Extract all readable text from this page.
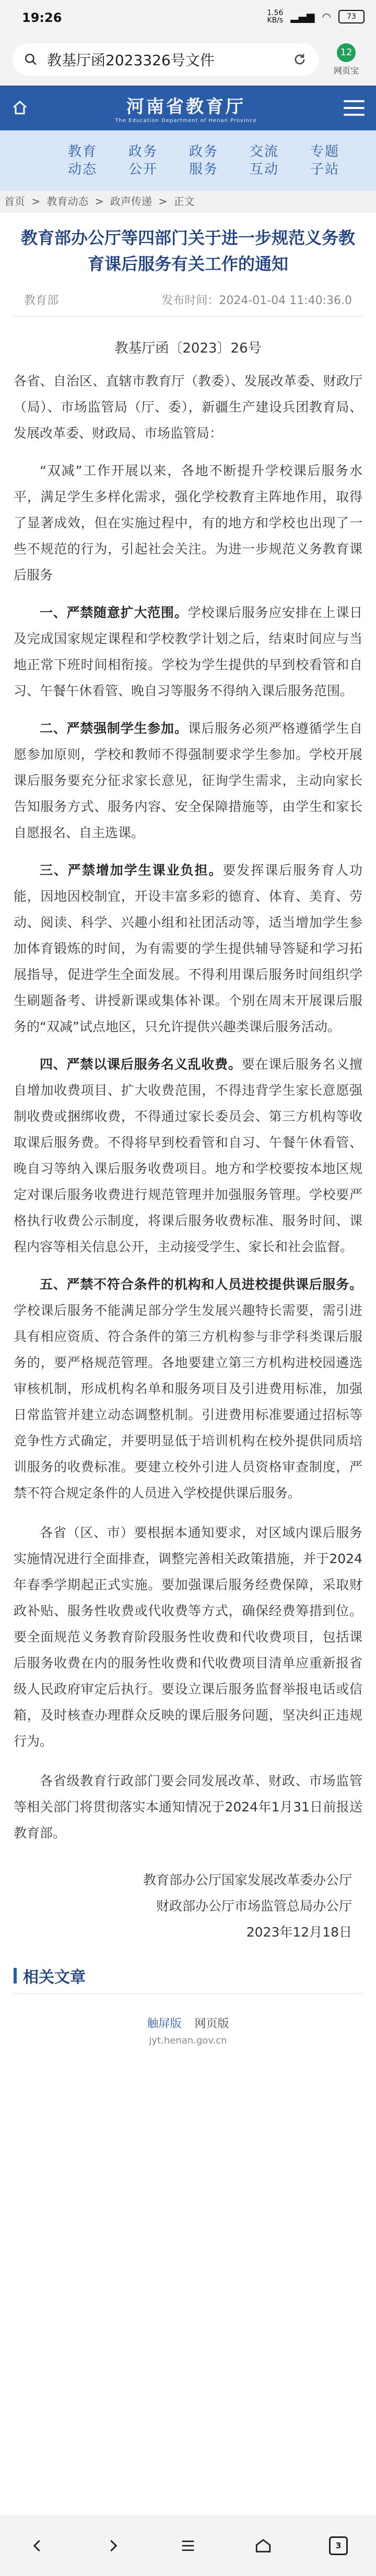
19:26	1.56
KB/s ▂▄▆ ◠	73
教基厅函2023326号文件	12
网页宝
河南省教育厅
The Education Department of Henan Province
教育动态
政务公开
政务服务
交流互动
专题子站
首页 > 教育动态 > 政声传递 > 正文
教育部办公厅等四部门关于进一步规范义务教育课后服务有关工作的通知
教育部	发布时间：2024-01-04 11:40:36.0
教基厅函〔2023〕26号

各省、自治区、直辖市教育厅（教委）、发展改革委、财政厅（局）、市场监管局（厅、委），新疆生产建设兵团教育局、发展改革委、财政局、市场监管局：

“双减”工作开展以来，各地不断提升学校课后服务水平，满足学生多样化需求，强化学校教育主阵地作用，取得了显著成效，但在实施过程中，有的地方和学校也出现了一些不规范的行为，引起社会关注。为进一步规范义务教育课后服务

一、严禁随意扩大范围。学校课后服务应安排在上课日及完成国家规定课程和学校教学计划之后，结束时间应与当地正常下班时间相衔接。学校为学生提供的早到校看管和自习、午餐午休看管、晚自习等服务不得纳入课后服务范围。

二、严禁强制学生参加。课后服务必须严格遵循学生自愿参加原则，学校和教师不得强制要求学生参加。学校开展课后服务要充分征求家长意见，征询学生需求，主动向家长告知服务方式、服务内容、安全保障措施等，由学生和家长自愿报名、自主选课。

三、严禁增加学生课业负担。要发挥课后服务育人功能，因地因校制宜，开设丰富多彩的德育、体育、美育、劳动、阅读、科学、兴趣小组和社团活动等，适当增加学生参加体育锻炼的时间，为有需要的学生提供辅导答疑和学习拓展指导，促进学生全面发展。不得利用课后服务时间组织学生刷题备考、讲授新课或集体补课。个别在周末开展课后服务的“双减”试点地区，只允许提供兴趣类课后服务活动。

四、严禁以课后服务名义乱收费。要在课后服务名义擅自增加收费项目、扩大收费范围，不得违背学生家长意愿强制收费或捆绑收费，不得通过家长委员会、第三方机构等收取课后服务费。不得将早到校看管和自习、午餐午休看管、晚自习等纳入课后服务收费项目。地方和学校要按本地区规定对课后服务收费进行规范管理并加强服务管理。学校要严格执行收费公示制度，将课后服务收费标准、服务时间、课程内容等相关信息公开，主动接受学生、家长和社会监督。

五、严禁不符合条件的机构和人员进校提供课后服务。学校课后服务不能满足部分学生发展兴趣特长需要，需引进具有相应资质、符合条件的第三方机构参与非学科类课后服务的，要严格规范管理。各地要建立第三方机构进校园遴选审核机制，形成机构名单和服务项目及引进费用标准，加强日常监管并建立动态调整机制。引进费用标准要通过招标等竞争性方式确定，并要明显低于培训机构在校外提供同质培训服务的收费标准。要建立校外引进人员资格审查制度，严禁不符合规定条件的人员进入学校提供课后服务。

各省（区、市）要根据本通知要求，对区域内课后服务实施情况进行全面排查，调整完善相关政策措施，并于2024年春季学期起正式实施。要加强课后服务经费保障，采取财政补贴、服务性收费或代收费等方式，确保经费筹措到位。要全面规范义务教育阶段服务性收费和代收费项目，包括课后服务收费在内的服务性收费和代收费项目清单应重新报省级人民政府审定后执行。要设立课后服务监督举报电话或信箱，及时核查办理群众反映的课后服务问题，坚决纠正违规行为。

各省级教育行政部门要会同发展改革、财政、市场监管等相关部门将贯彻落实本通知情况于2024年1月31日前报送教育部。

教育部办公厅国家发展改革委办公厅
财政部办公厅市场监管总局办公厅
2023年12月18日
相关文章
触屏版 网页版
jyt.henan.gov.cn
3
